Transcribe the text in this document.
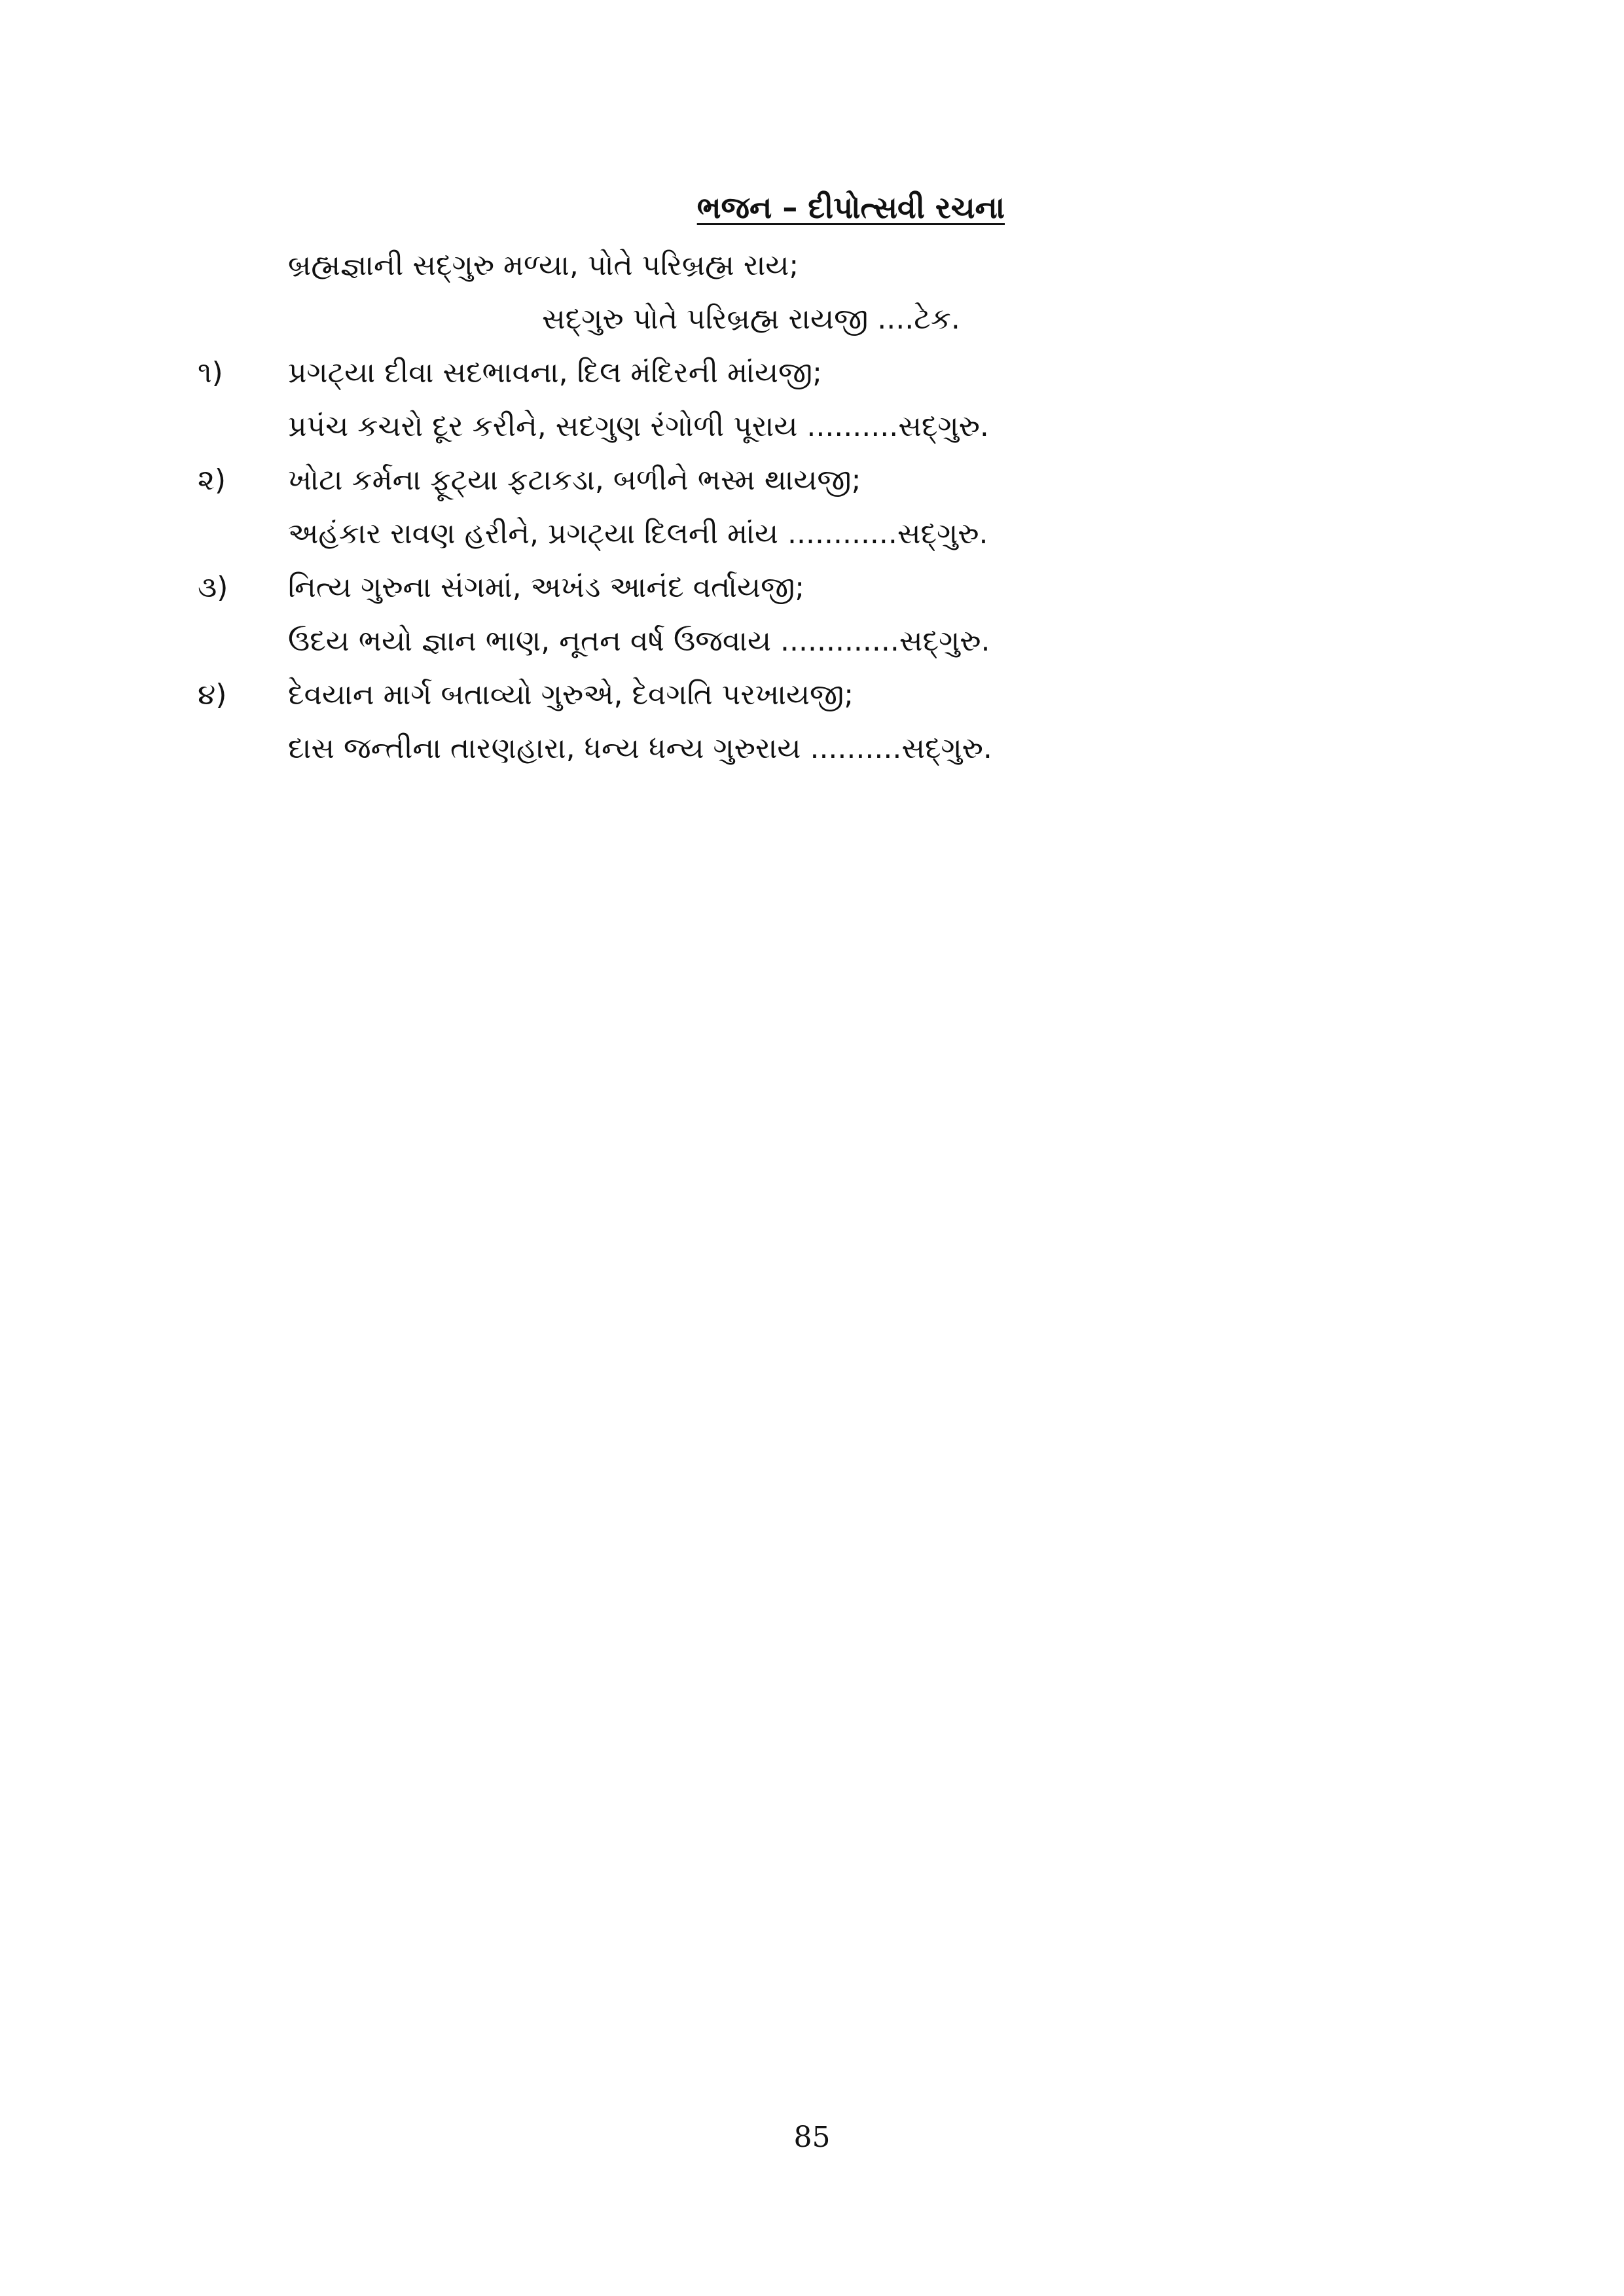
ભજન – દીપોત્સવી રચના
બ્રહ્મજ્ઞાની સદ્‌ગુરુ મળ્યા, પોતે પરિબ્રહ્મ રાય;
સદ્‌ગુરુ પોતે પરિબ્રહ્મ રાયજી ....ટેક.
૧) પ્રગટ્યા દીવા સદભાવના, દિલ મંદિરની માંયજી;
પ્રપંચ કચરો દૂર કરીને, સદગુણ રંગોળી પૂરાય ..........સદ્‌ગુરુ.
૨) ખોટા કર્મના ફૂટ્યા ફટાકડા, બળીને ભસ્મ થાયજી;
અહંકાર રાવણ હરીને, પ્રગટ્યા દિલની માંય ............સદ્‌ગુરુ.
૩) નિત્ય ગુરુના સંગમાં, અખંડ આનંદ વર્તાયજી;
ઉદય ભયો જ્ઞાન ભાણ, નૂતન વર્ષ ઉજવાય .............સદ્‌ગુરુ.
૪) દેવયાન માર્ગ બતાવ્યો ગુરુએ, દેવગતિ પરખાયજી;
દાસ જન્તીના તારણહારા, ધન્ય ધન્ય ગુરુરાય ..........સદ્‌ગુરુ.
85
